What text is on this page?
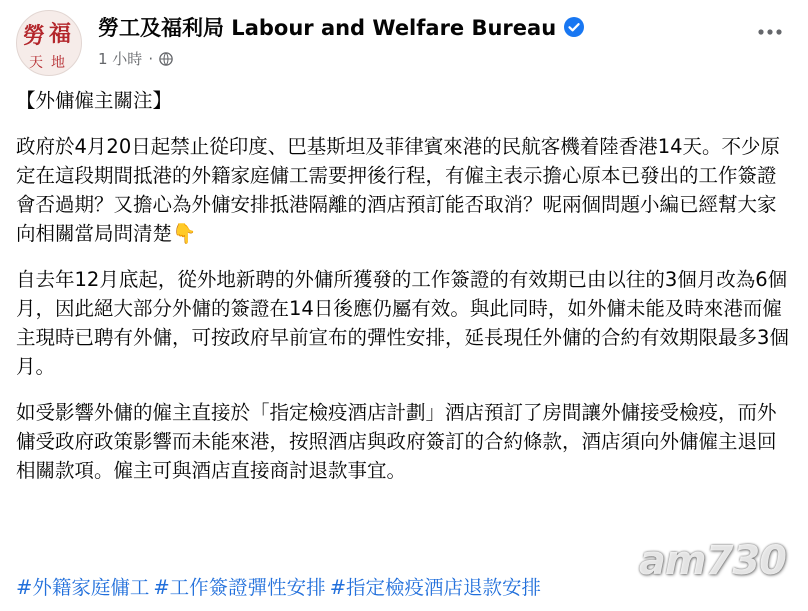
勞 福
天 地
勞工及福利局 Labour and Welfare Bureau
1 小時 ·

【外傭僱主關注】

政府於4月20日起禁止從印度、巴基斯坦及菲律賓來港的民航客機着陸香港14天。不少原定在這段期間抵港的外籍家庭傭工需要押後行程，有僱主表示擔心原本已發出的工作簽證會否過期？又擔心為外傭安排抵港隔離的酒店預訂能否取消？呢兩個問題小編已經幫大家向相關當局問清楚👇

自去年12月底起，從外地新聘的外傭所獲發的工作簽證的有效期已由以往的3個月改為6個月，因此絕大部分外傭的簽證在14日後應仍屬有效。與此同時，如外傭未能及時來港而僱主現時已聘有外傭，可按政府早前宣布的彈性安排，延長現任外傭的合約有效期限最多3個月。

如受影響外傭的僱主直接於「指定檢疫酒店計劃」酒店預訂了房間讓外傭接受檢疫，而外傭受政府政策影響而未能來港，按照酒店與政府簽訂的合約條款，酒店須向外傭僱主退回相關款項。僱主可與酒店直接商討退款事宜。

#外籍家庭傭工 #工作簽證彈性安排 #指定檢疫酒店退款安排
am730
